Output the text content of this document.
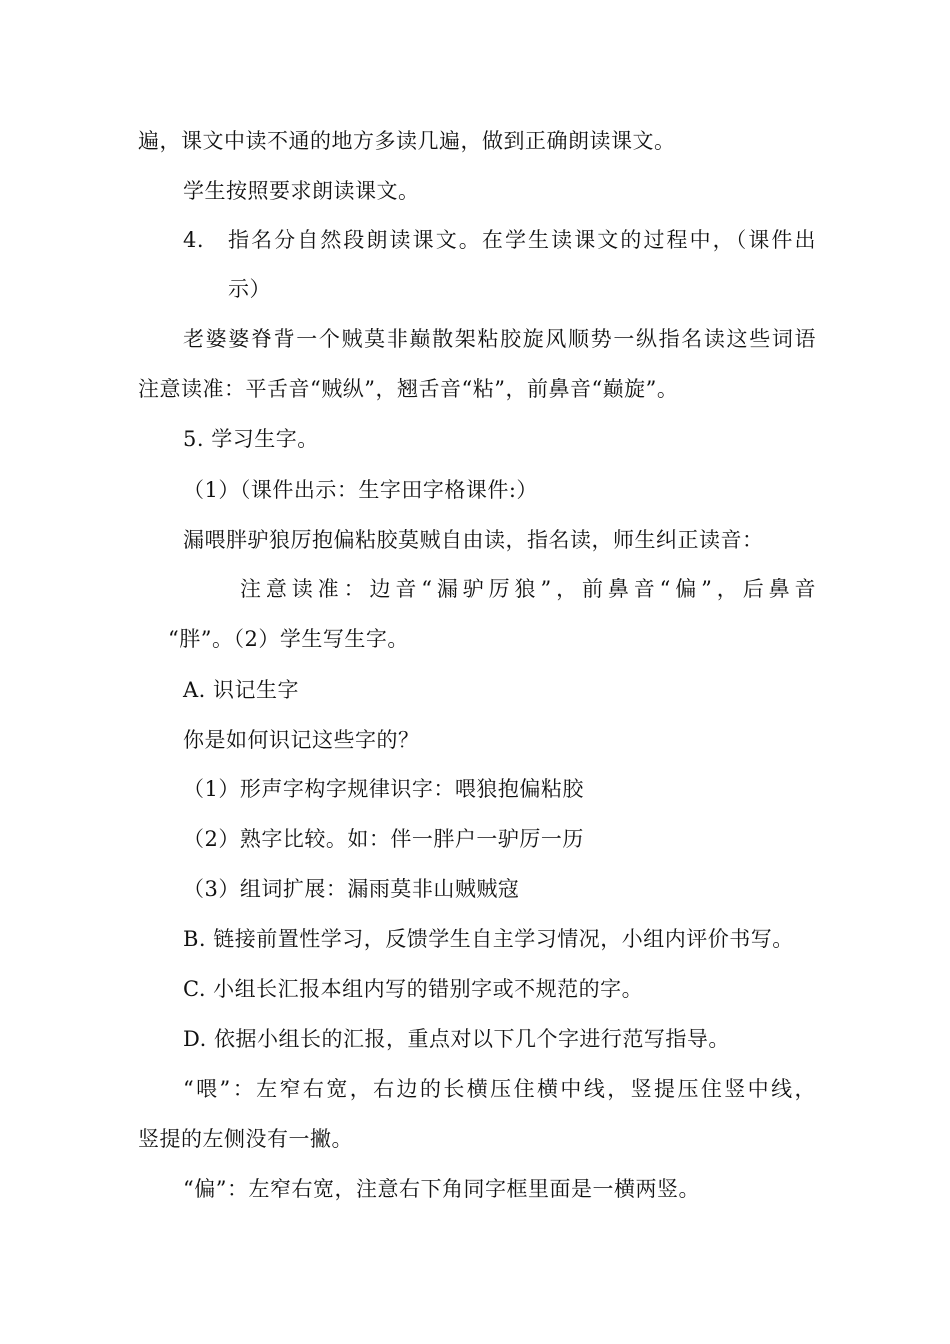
遍，课文中读不通的地方多读几遍，做到正确朗读课文。
学生按照要求朗读课文。
4. 指名分自然段朗读课文。在学生读课文的过程中，（课件出
示）
老婆婆脊背一个贼莫非巅散架粘胶旋风顺势一纵指名读这些词语
注意读准：平舌音“贼纵”，翘舌音“粘”，前鼻音“巅旋”。
5. 学习生字。
（1）（课件出示：生字田字格课件:）
漏喂胖驴狼厉抱偏粘胶莫贼自由读，指名读，师生纠正读音：
注意读准：边音“漏驴厉狼”，前鼻音“偏”，后鼻音
“胖”。（2）学生写生字。
A. 识记生字
你是如何识记这些字的？
（1）形声字构字规律识字：喂狼抱偏粘胶
（2）熟字比较。如：伴一胖户一驴厉一历
（3）组词扩展：漏雨莫非山贼贼寇
B. 链接前置性学习，反馈学生自主学习情况，小组内评价书写。
C. 小组长汇报本组内写的错别字或不规范的字。
D. 依据小组长的汇报，重点对以下几个字进行范写指导。
“喂”：左窄右宽，右边的长横压住横中线，竖提压住竖中线，
竖提的左侧没有一撇。
“偏”：左窄右宽，注意右下角同字框里面是一横两竖。
